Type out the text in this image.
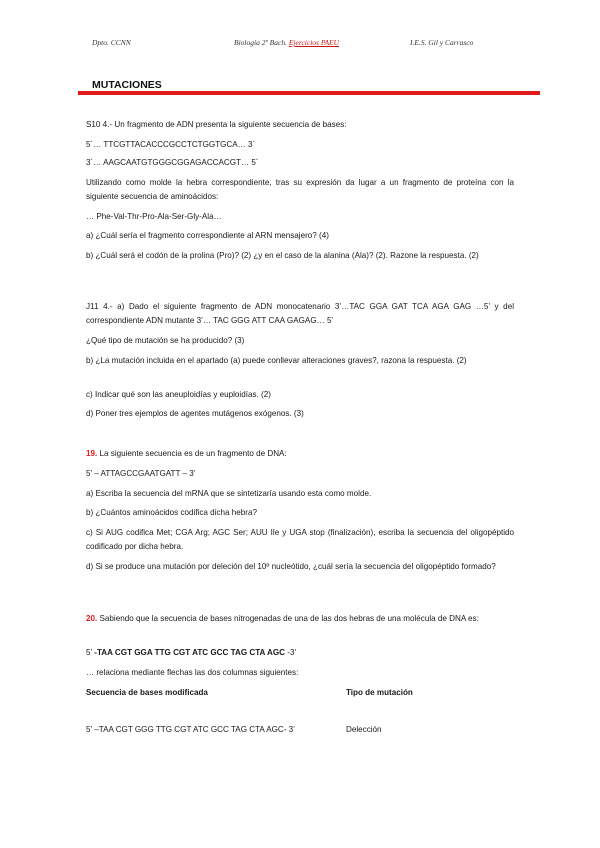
Dpto. CCNN	Biología 2º Bach. Ejercicios PAEU	I.E.S. Gil y Carrasco
MUTACIONES
S10 4.- Un fragmento de ADN presenta la siguiente secuencia de bases:
5´… TTCGTTACACCCGCCTCTGGTGCA… 3´
3´… AAGCAATGTGGGCGGAGACCACGT… 5´
Utilizando como molde la hebra correspondiente, tras su expresión da lugar a un fragmento de proteína con la siguiente secuencia de aminoácidos:
… Phe-Val-Thr-Pro-Ala-Ser-Gly-Ala…
a) ¿Cuál sería el fragmento correspondiente al ARN mensajero? (4)
b) ¿Cuál será el codón de la prolina (Pro)? (2) ¿y en el caso de la alanina (Ala)? (2). Razone la respuesta. (2)
J11 4.- a) Dado el siguiente fragmento de ADN monocatenario 3’…TAC GGA GAT TCA AGA GAG …5’ y del correspondiente ADN mutante 3’… TAC GGG ATT CAA GAGAG… 5’
¿Qué tipo de mutación se ha producido? (3)
b) ¿La mutación incluida en el apartado (a) puede conllevar alteraciones graves?, razona la respuesta. (2)
c) Indicar qué son las aneuploidías y euploidías. (2)
d) Poner tres ejemplos de agentes mutágenos exógenos. (3)
19. La siguiente secuencia es de un fragmento de DNA:
5’ – ATTAGCCGAATGATT – 3’
a) Escriba la secuencia del mRNA que se sintetizaría usando esta como molde.
b) ¿Cuántos aminoácidos codifica dicha hebra?
c) Si AUG codifica Met; CGA Arg; AGC Ser; AUU Ile y UGA stop (finalización), escriba la secuencia del oligopéptido codificado por dicha hebra.
d) Si se produce una mutación por deleción del 10º nucleótido, ¿cuál sería la secuencia del oligopéptido formado?
20. Sabiendo que la secuencia de bases nitrogenadas de una de las dos hebras de una molécula de DNA es:
5’ -TAA CGT GGA TTG CGT ATC GCC TAG CTA AGC -3’
… relaciona mediante flechas las dos columnas siguientes:
Secuencia de bases modificada	Tipo de mutación
5’ –TAA CGT GGG TTG CGT ATC GCC TAG CTA AGC- 3’	Delección
